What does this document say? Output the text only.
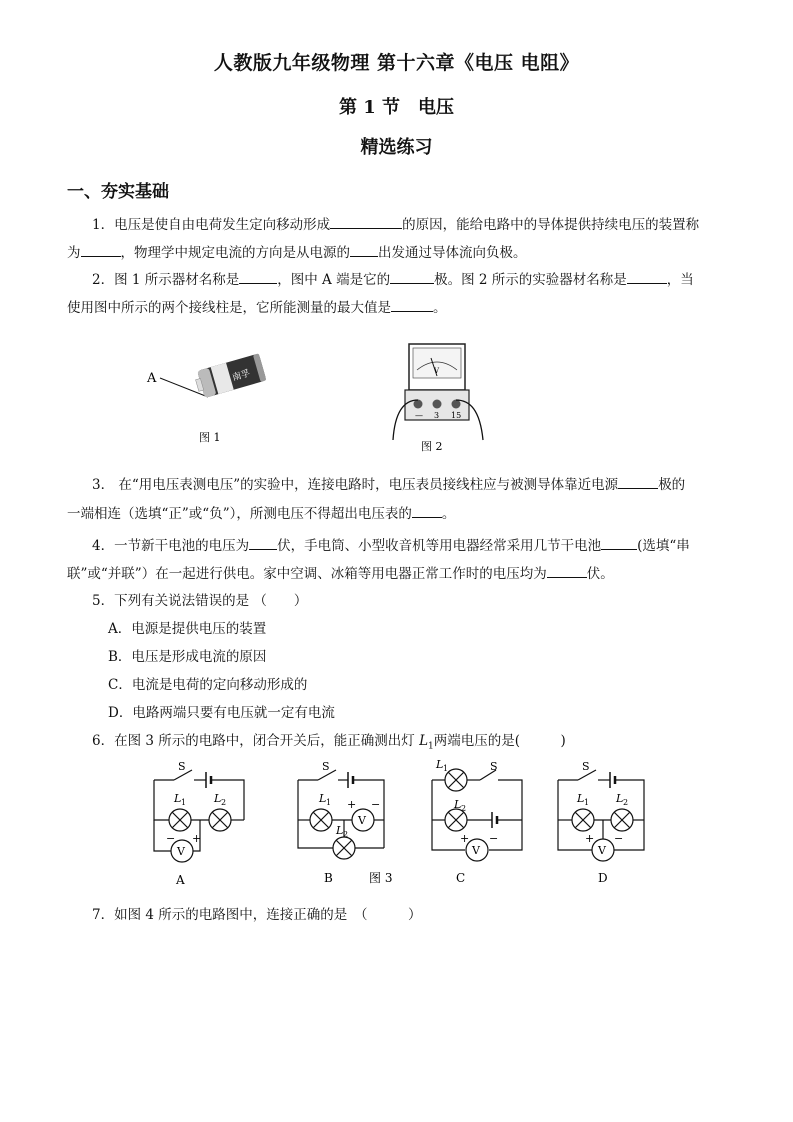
人教版九年级物理 第十六章《电压 电阻》
第 1 节　电压
精选练习
一、夯实基础
1．电压是使自由电荷发生定向移动形成	的原因，能给电路中的导体提供持续电压的装置称
为	，物理学中规定电流的方向是从电源的 出发通过导体流向负极。
2．图 1 所示器材名称是	，图中 A 端是它的	极。图 2 所示的实验器材名称是	，当
使用图中所示的两个接线柱是，它所能测量的最大值是	。
A	南孚
图 1
V
— 3 15
图 2
3． 在“用电压表测电压”的实验中，连接电路时，电压表员接线柱应与被测导体靠近电源	极的
一端相连（选填“正”或“负”），所测电压不得超出电压表的 。
4．一节新干电池的电压为 伏，手电筒、小型收音机等用电器经常采用几节干电池	(选填“串
联”或“并联”）在一起进行供电。家中空调、冰箱等用电器正常工作时的电压均为	伏。
5．下列有关说法错误的是 （　　）
A．电源是提供电压的装置
B．电压是形成电流的原因
C．电流是电荷的定向移动形成的
D．电路两端只要有电压就一定有电流
6．在图 3 所示的电路中，闭合开关后，能正确测出灯 $L_1$两端电压的是(　　　)
V
− +
S
L 1	L 2
A
V
+ −
S
L 1
L 2
B	图 3
V
+ −
S
L 1
L 2
C
V
+ −
S
L 1 L 2
D
7．如图 4 所示的电路图中，连接正确的是　（　　　）
